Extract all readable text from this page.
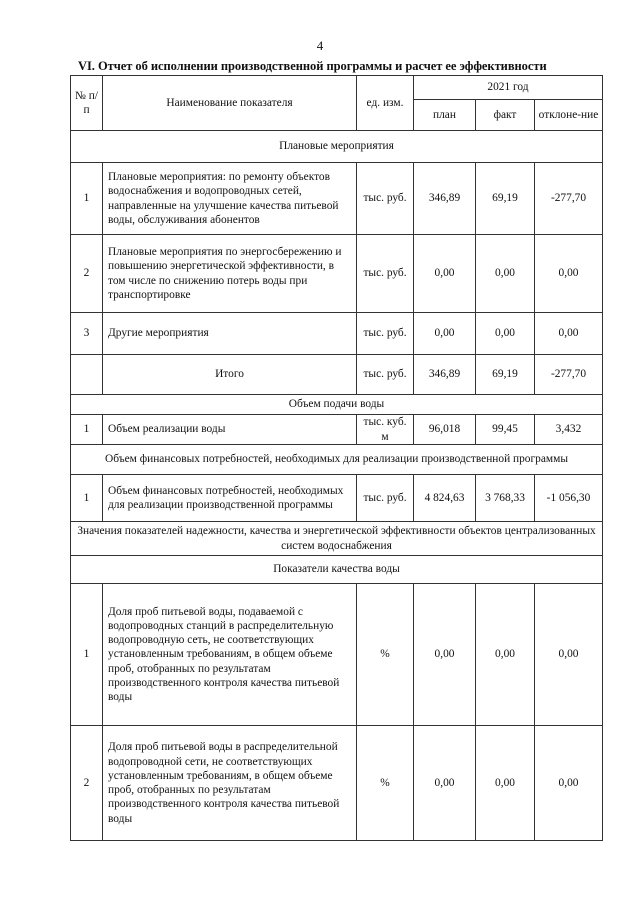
4
VI. Отчет об исполнении производственной программы и расчет ее эффективности
№ п/п	Наименование показателя	ед. изм.	2021 год		
			план	факт	отклоне-ние
Плановые мероприятия					
1	Плановые мероприятия: по ремонту объектов водоснабжения и водопроводных сетей, направленные на улучшение качества питьевой воды, обслуживания абонентов	тыс. руб.	346,89	69,19	-277,70
2	Плановые мероприятия по энергосбережению и повышению энергетической эффективности, в том числе по снижению потерь воды при транспортировке	тыс. руб.	0,00	0,00	0,00
3	Другие мероприятия	тыс. руб.	0,00	0,00	0,00
	Итого	тыс. руб.	346,89	69,19	-277,70
Объем подачи воды					
1	Объем реализации воды	тыс. куб. м	96,018	99,45	3,432
Объем финансовых потребностей, необходимых для реализации производственной программы					
1	Объем финансовых потребностей, необходимых для реализации производственной программы	тыс. руб.	4 824,63	3 768,33	-1 056,30
Значения показателей надежности, качества и энергетической эффективности объектов централизованных систем водоснабжения					
Показатели качества воды					
1	Доля проб питьевой воды, подаваемой с водопроводных станций в распределительную водопроводную сеть, не соответствующих установленным требованиям, в общем объеме проб, отобранных по результатам производственного контроля качества питьевой воды	%	0,00	0,00	0,00
2	Доля проб питьевой воды в распределительной водопроводной сети, не соответствующих установленным требованиям, в общем объеме проб, отобранных по результатам производственного контроля качества питьевой воды	%	0,00	0,00	0,00
